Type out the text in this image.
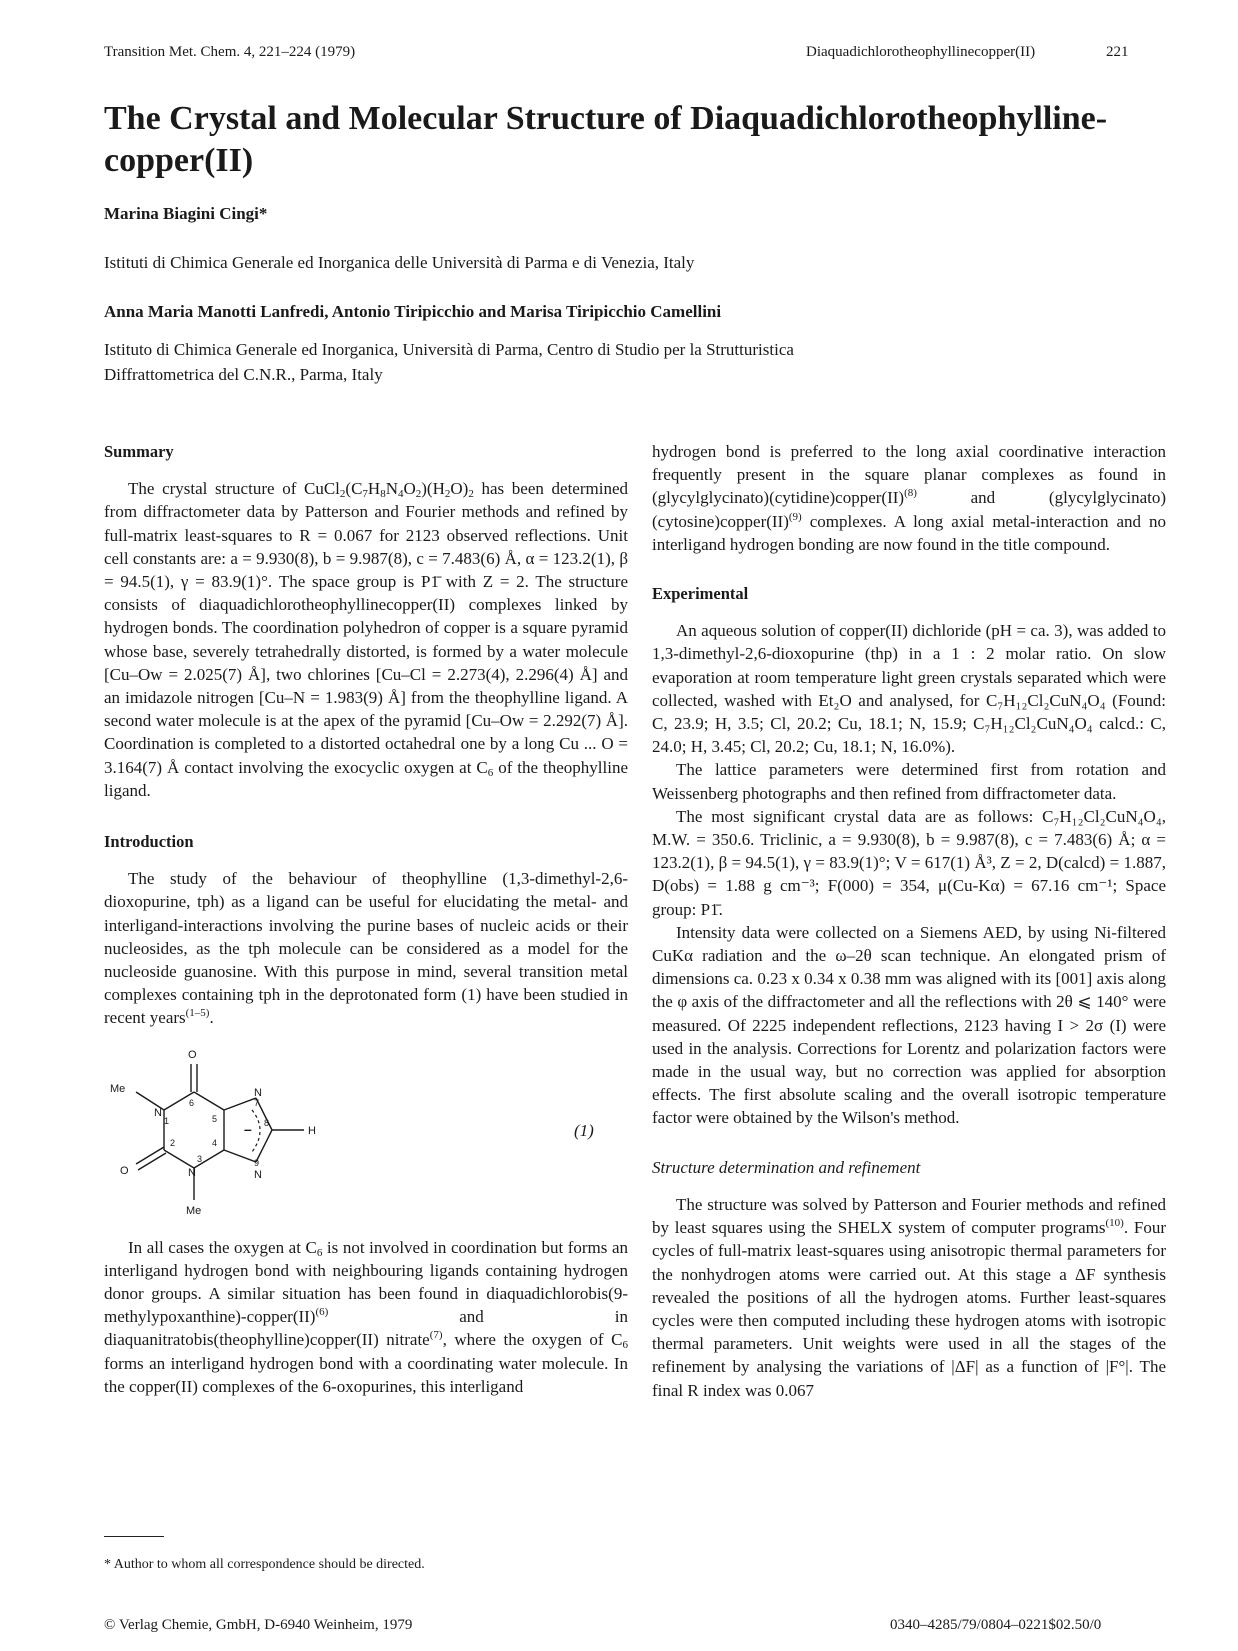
Transition Met. Chem. 4, 221–224 (1979)	Diaquadichlorotheophyllinecopper(II)	221
The Crystal and Molecular Structure of Diaquadichlorotheophylline-
copper(II)
Marina Biagini Cingi*
Istituti di Chimica Generale ed Inorganica delle Università di Parma e di Venezia, Italy
Anna Maria Manotti Lanfredi, Antonio Tiripicchio and Marisa Tiripicchio Camellini
Istituto di Chimica Generale ed Inorganica, Università di Parma, Centro di Studio per la Strutturistica
Diffrattometrica del C.N.R., Parma, Italy
Summary

The crystal structure of $CuCl_2(C_7H_8N_4O_2)(H_2O)_2$ has been determined from diffractometer data by Patterson and Fourier methods and refined by full-matrix least-squares to R = 0.067 for 2123 observed reflections. Unit cell constants are: a = 9.930(8), b = 9.987(8), c = 7.483(6) Å, α = 123.2(1), β = 94.5(1), γ = 83.9(1)°. The space group is P1̄ with Z = 2. The structure consists of diaquadichlorotheophyllinecopper(II) complexes linked by hydrogen bonds. The coordination polyhedron of copper is a square pyramid whose base, severely tetrahedrally distorted, is formed by a water molecule [Cu–Ow = 2.025(7) Å], two chlorines [Cu–Cl = 2.273(4), 2.296(4) Å] and an imidazole nitrogen [Cu–N = 1.983(9) Å] from the theophylline ligand. A second water molecule is at the apex of the pyramid [Cu–Ow = 2.292(7) Å]. Coordination is completed to a distorted octahedral one by a long Cu ... O = 3.164(7) Å contact involving the exocyclic oxygen at $C_6$ of the theophylline ligand.

Introduction

The study of the behaviour of theophylline (1,3-dimethyl-2,6-dioxopurine, tph) as a ligand can be useful for elucidating the metal- and interligand-interactions involving the purine bases of nucleic acids or their nucleosides, as the tph molecule can be considered as a model for the nucleoside guanosine. With this purpose in mind, several transition metal complexes containing tph in the deprotonated form (1) have been studied in recent years$^{(1-5)}$.

O
Me
N
1
6
5
N
7
8
–	H
2
3
4
N	N
9
O
Me
(1)

In all cases the oxygen at $C_6$ is not involved in coordination but forms an interligand hydrogen bond with neighbouring ligands containing hydrogen donor groups. A similar situation has been found in diaquadichlorobis(9-methylypoxanthine)-copper(II)$^{(6)}$	and in diaquanitratobis(theophylline)copper(II) nitrate$^{(7)}$, where the oxygen of $C_6$ forms an interligand hydrogen bond with a coordinating water molecule. In the copper(II) complexes of the 6-oxopurines, this interligand

hydrogen bond is preferred to the long axial coordinative interaction frequently present in the square planar complexes as found in (glycylglycinato)(cytidine)copper(II)$^{(8)}$	and (glycylglycinato)(cytosine)copper(II)$^{(9)}$ complexes. A long axial metal-interaction and no interligand hydrogen bonding are now found in the title compound.

Experimental

An aqueous solution of copper(II) dichloride (pH = ca. 3), was added to 1,3-dimethyl-2,6-dioxopurine (thp) in a 1 : 2 molar ratio. On slow evaporation at room temperature light green crystals separated which were collected, washed with Et₂O and analysed, for C₇H₁₂Cl₂CuN₄O₄ (Found: C, 23.9; H, 3.5; Cl, 20.2; Cu, 18.1; N, 15.9; C₇H₁₂Cl₂CuN₄O₄ calcd.: C, 24.0; H, 3.45; Cl, 20.2; Cu, 18.1; N, 16.0%).

The lattice parameters were determined first from rotation and Weissenberg photographs and then refined from diffractometer data.

The most significant crystal data are as follows: C₇H₁₂Cl₂CuN₄O₄, M.W. = 350.6. Triclinic, a = 9.930(8), b = 9.987(8), c = 7.483(6) Å; α = 123.2(1), β = 94.5(1), γ = 83.9(1)°; V = 617(1) Å³, Z = 2, D(calcd) = 1.887, D(obs) = 1.88 g cm⁻³; F(000) = 354, μ(Cu-Kα) = 67.16 cm⁻¹; Space group: P1̄.

Intensity data were collected on a Siemens AED, by using Ni-filtered CuKα radiation and the ω–2θ scan technique. An elongated prism of dimensions ca. 0.23 x 0.34 x 0.38 mm was aligned with its [001] axis along the φ axis of the diffractometer and all the reflections with 2θ ⩽ 140° were measured. Of 2225 independent reflections, 2123 having I > 2σ (I) were used in the analysis. Corrections for Lorentz and polarization factors were made in the usual way, but no correction was applied for absorption effects. The first absolute scaling and the overall isotropic temperature factor were obtained by the Wilson's method.

Structure determination and refinement

The structure was solved by Patterson and Fourier methods and refined by least squares using the SHELX system of computer programs$^{(10)}$. Four cycles of full-matrix least-squares using anisotropic thermal parameters for the nonhydrogen atoms were carried out. At this stage a ΔF synthesis revealed the positions of all the hydrogen atoms. Further least-squares cycles were then computed including these hydrogen atoms with isotropic thermal parameters. Unit weights were used in all the stages of the refinement by analysing the variations of |ΔF| as a function of |F°|. The final R index was 0.067

* Author to whom all correspondence should be directed.
© Verlag Chemie, GmbH, D-6940 Weinheim, 1979	0340–4285/79/0804–0221$02.50/0
